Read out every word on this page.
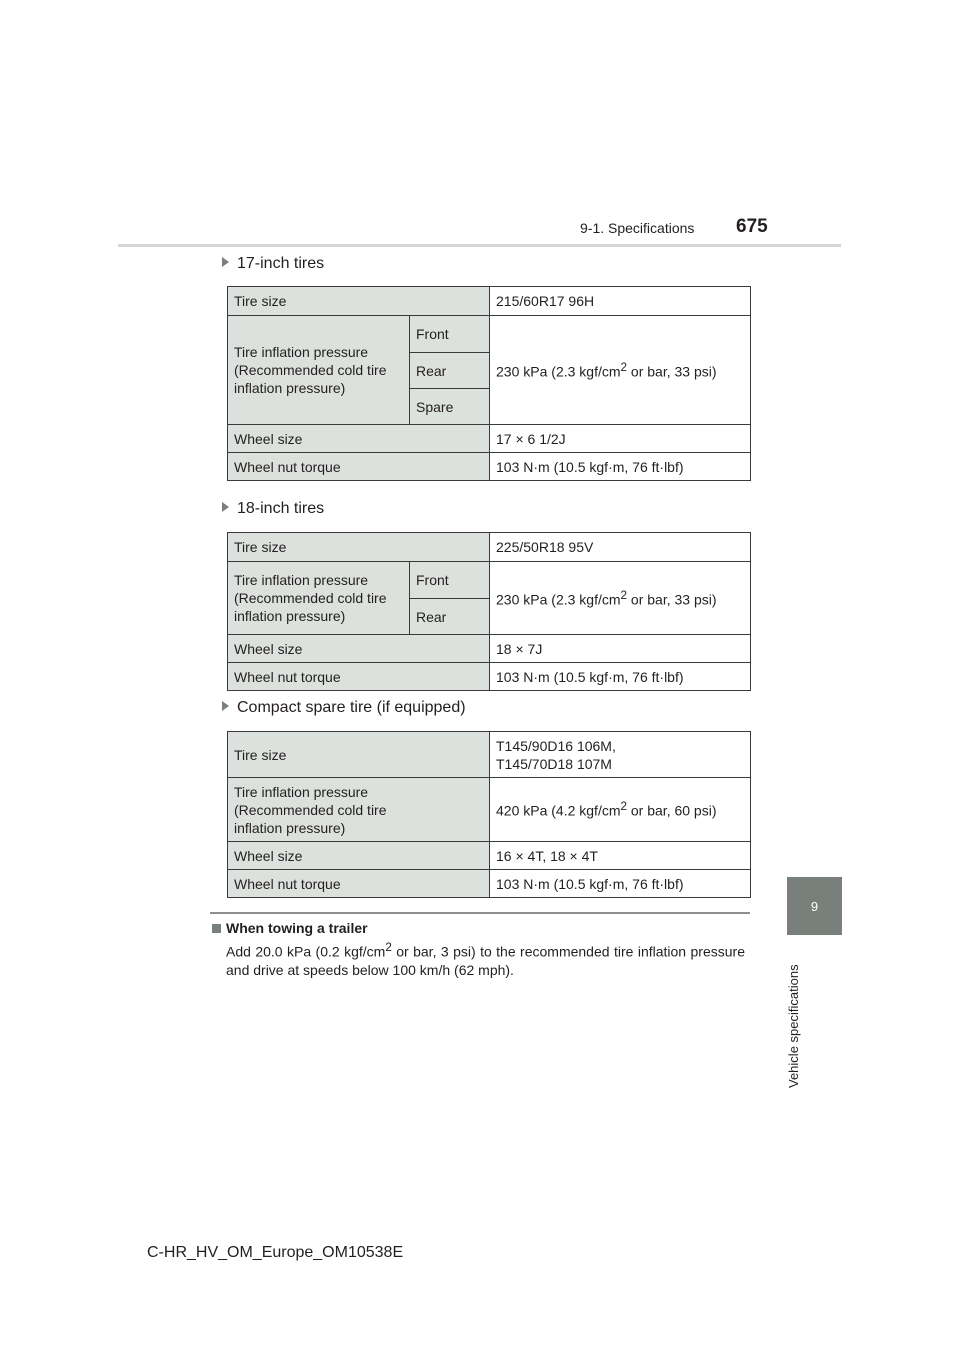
9-1. Specifications 675
9
Vehicle specifications
17-inch tires
Tire size		215/60R17 96H
Tire inflation pressure (Recommended cold tire inflation pressure)	Front	230 kPa (2.3 kgf/$cm^2$ or bar, 33 psi)
	Rear	
	Spare	
Wheel size		17 × 6 1/2J
Wheel nut torque		103 N·m (10.5 kgf·m, 76 ft·lbf)
18-inch tires
Tire size		225/50R18 95V
Tire inflation pressure (Recommended cold tire inflation pressure)	Front	230 kPa (2.3 kgf/$cm^2$ or bar, 33 psi)
	Rear	
Wheel size		18 × 7J
Wheel nut torque		103 N·m (10.5 kgf·m, 76 ft·lbf)
Compact spare tire (if equipped)
Tire size	T145/90D16 106M,
T145/70D18 107M

Tire inflation pressure (Recommended cold tire inflation pressure)	420 kPa (4.2 kgf/$cm^2$ or bar, 60 psi)
Wheel size	16 × 4T, 18 × 4T
Wheel nut torque	103 N·m (10.5 kgf·m, 76 ft·lbf)
When towing a trailer
Add 20.0 kPa (0.2 kgf/$cm^2$ or bar, 3 psi) to the recommended tire inflation pressure and drive at speeds below 100 km/h (62 mph).
C-HR_HV_OM_Europe_OM10538E
